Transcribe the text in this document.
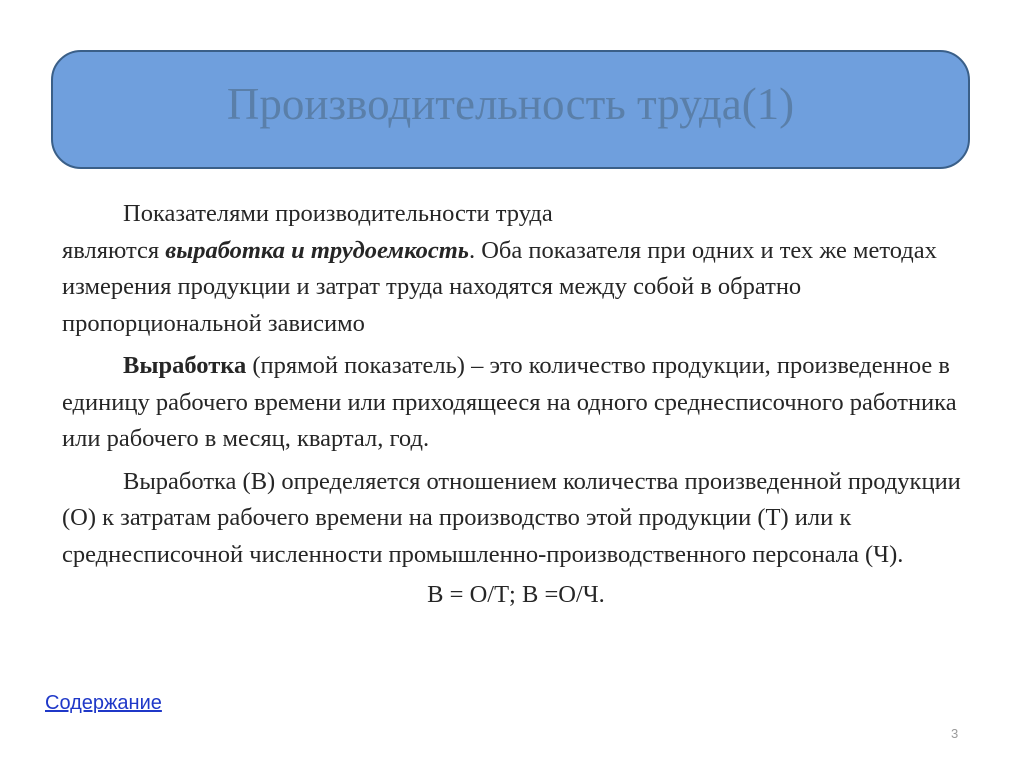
Производительность труда(1)

Показателями производительности труда
являются выработка и трудоемкость. Оба показателя при одних и тех же методах измерения продукции и затрат труда находятся между собой в обратно пропорциональной зависимо

Выработка (прямой показатель) – это количество продукции, произведенное в единицу рабочего времени или приходящееся на одного среднесписочного работника или рабочего в месяц, квартал, год.

Выработка (В) определяется отношением количества произведенной продукции (О) к затратам рабочего времени на производство этой продукции (Т) или к среднесписочной численности промышленно-производственного персонала (Ч).

В = О/Т; В =О/Ч.

Содержание
3
